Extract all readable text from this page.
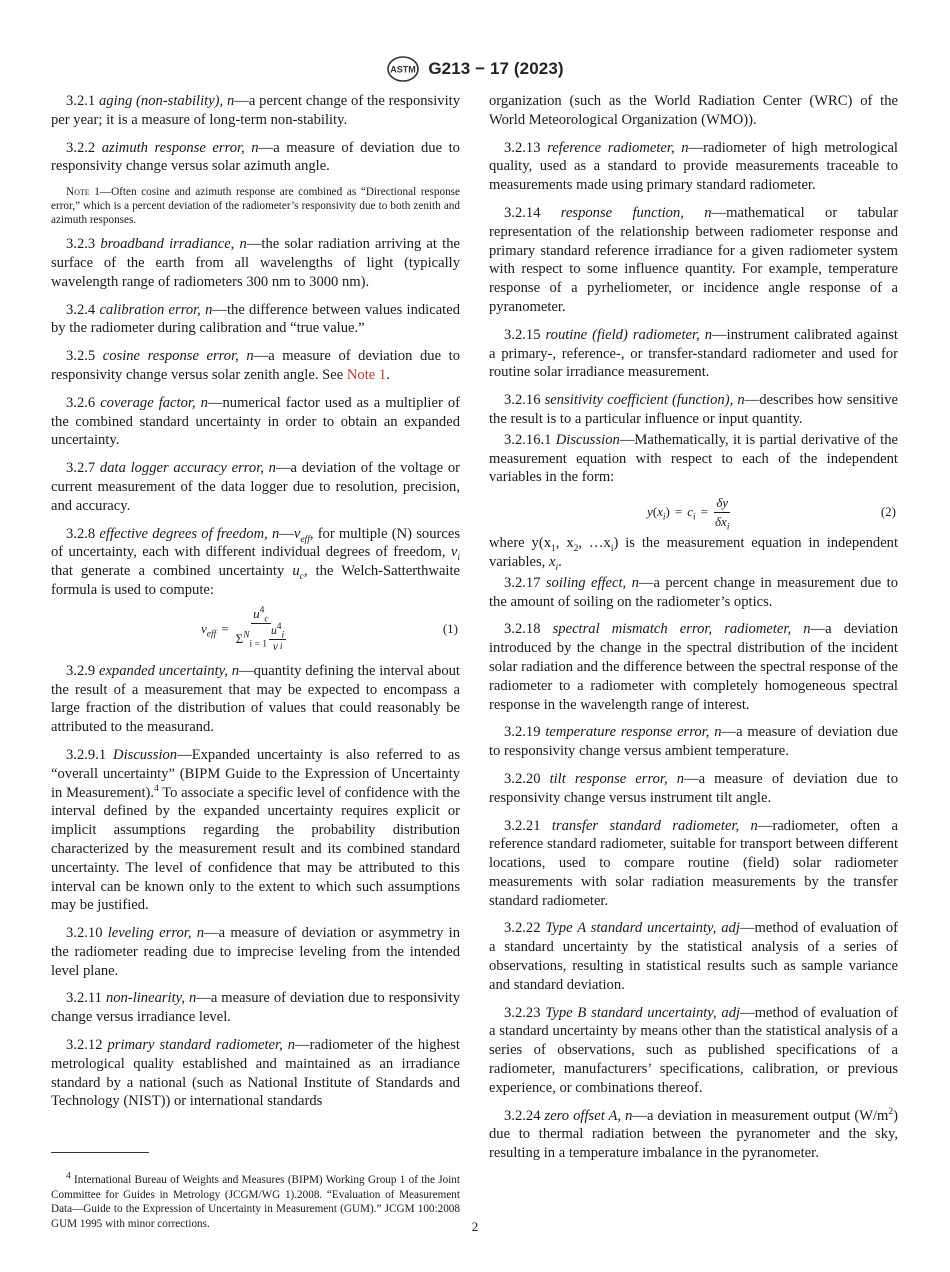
ASTM G213 − 17 (2023)

3.2.1 aging (non-stability), n—a percent change of the responsivity per year; it is a measure of long-term non-stability.

3.2.2 azimuth response error, n—a measure of deviation due to responsivity change versus solar azimuth angle.

Note 1—Often cosine and azimuth response are combined as “Directional response error,” which is a percent deviation of the radiometer’s responsivity due to both zenith and azimuth responses.

3.2.3 broadband irradiance, n—the solar radiation arriving at the surface of the earth from all wavelengths of light (typically wavelength range of radiometers 300 nm to 3000 nm).

3.2.4 calibration error, n—the difference between values indicated by the radiometer during calibration and “true value.”

3.2.5 cosine response error, n—a measure of deviation due to responsivity change versus solar zenith angle. See Note 1.

3.2.6 coverage factor, n—numerical factor used as a multiplier of the combined standard uncertainty in order to obtain an expanded uncertainty.

3.2.7 data logger accuracy error, n—a deviation of the voltage or current measurement of the data logger due to resolution, precision, and accuracy.

3.2.8 effective degrees of freedom, $n—v_{eff}$, for multiple (N) sources of uncertainty, each with different individual degrees of freedom, $v_i$ that generate a combined uncertainty $u_c$, the Welch-Satterthwaite formula is used to compute:

$v_{eff} = \frac{u^4_c}{\Sigma^N_{i = 1} \frac{u^4_i}{\text{v i}}}$	(1)

3.2.9 expanded uncertainty, n—quantity defining the interval about the result of a measurement that may be expected to encompass a large fraction of the distribution of values that could reasonably be attributed to the measurand.

3.2.9.1 Discussion—Expanded uncertainty is also referred to as “overall uncertainty” (BIPM Guide to the Expression of Uncertainty in Measurement).$^4$ To associate a specific level of confidence with the interval defined by the expanded uncertainty requires explicit or implicit assumptions regarding the probability distribution characterized by the measurement result and its combined standard uncertainty. The level of confidence that may be attributed to this interval can be known only to the extent to which such assumptions may be justified.

3.2.10 leveling error, n—a measure of deviation or asymmetry in the radiometer reading due to imprecise leveling from the intended level plane.

3.2.11 non-linearity, n—a measure of deviation due to responsivity change versus irradiance level.

3.2.12 primary standard radiometer, n—radiometer of the highest metrological quality established and maintained as an irradiance standard by a national (such as National Institute of Standards and Technology (NIST)) or international standards

organization (such as the World Radiation Center (WRC) of the World Meteorological Organization (WMO)).

3.2.13 reference radiometer, n—radiometer of high metrological quality, used as a standard to provide measurements traceable to measurements made using primary standard radiometer.

3.2.14 response function, n—mathematical or tabular representation of the relationship between radiometer response and primary standard reference irradiance for a given radiometer system with respect to some influence quantity. For example, temperature response of a pyrheliometer, or incidence angle response of a pyranometer.

3.2.15 routine (field) radiometer, n—instrument calibrated against a primary-, reference-, or transfer-standard radiometer and used for routine solar irradiance measurement.

3.2.16 sensitivity coefficient (function), n—describes how sensitive the result is to a particular influence or input quantity.

3.2.16.1 Discussion—Mathematically, it is partial derivative of the measurement equation with respect to each of the independent variables in the form:

$y(x_i) = c_i = \frac{\delta y}{\delta x_i}$	(2)

where $y(x_1$, $x_2$, $\dots x_i$) is the measurement equation in independent variables, $x_i$.

3.2.17 soiling effect, n—a percent change in measurement due to the amount of soiling on the radiometer’s optics.

3.2.18 spectral mismatch error, radiometer, n—a deviation introduced by the change in the spectral distribution of the incident solar radiation and the difference between the spectral response of the radiometer to a radiometer with completely homogeneous spectral response in the wavelength range of interest.

3.2.19 temperature response error, n—a measure of deviation due to responsivity change versus ambient temperature.

3.2.20 tilt response error, n—a measure of deviation due to responsivity change versus instrument tilt angle.

3.2.21 transfer standard radiometer, n—radiometer, often a reference standard radiometer, suitable for transport between different locations, used to compare routine (field) solar radiometer measurements with solar radiation measurements by the transfer standard radiometer.

3.2.22 Type A standard uncertainty, adj—method of evaluation of a standard uncertainty by the statistical analysis of a series of observations, resulting in statistical results such as sample variance and standard deviation.

3.2.23 Type B standard uncertainty, adj—method of evaluation of a standard uncertainty by means other than the statistical analysis of a series of observations, such as published specifications of a radiometer, manufacturers’ specifications, calibration, or previous experience, or combinations thereof.

3.2.24 zero offset A, n—a deviation in measurement output $(W/m^2)$ due to thermal radiation between the pyranometer and the sky, resulting in a temperature imbalance in the pyranometer.

$^4$ International Bureau of Weights and Measures (BIPM) Working Group 1 of the Joint Committee for Guides in Metrology (JCGM/WG 1).2008. “Evaluation of Measurement Data—Guide to the Expression of Uncertainty in Measurement (GUM).” JCGM 100:2008 GUM 1995 with minor corrections.	2
